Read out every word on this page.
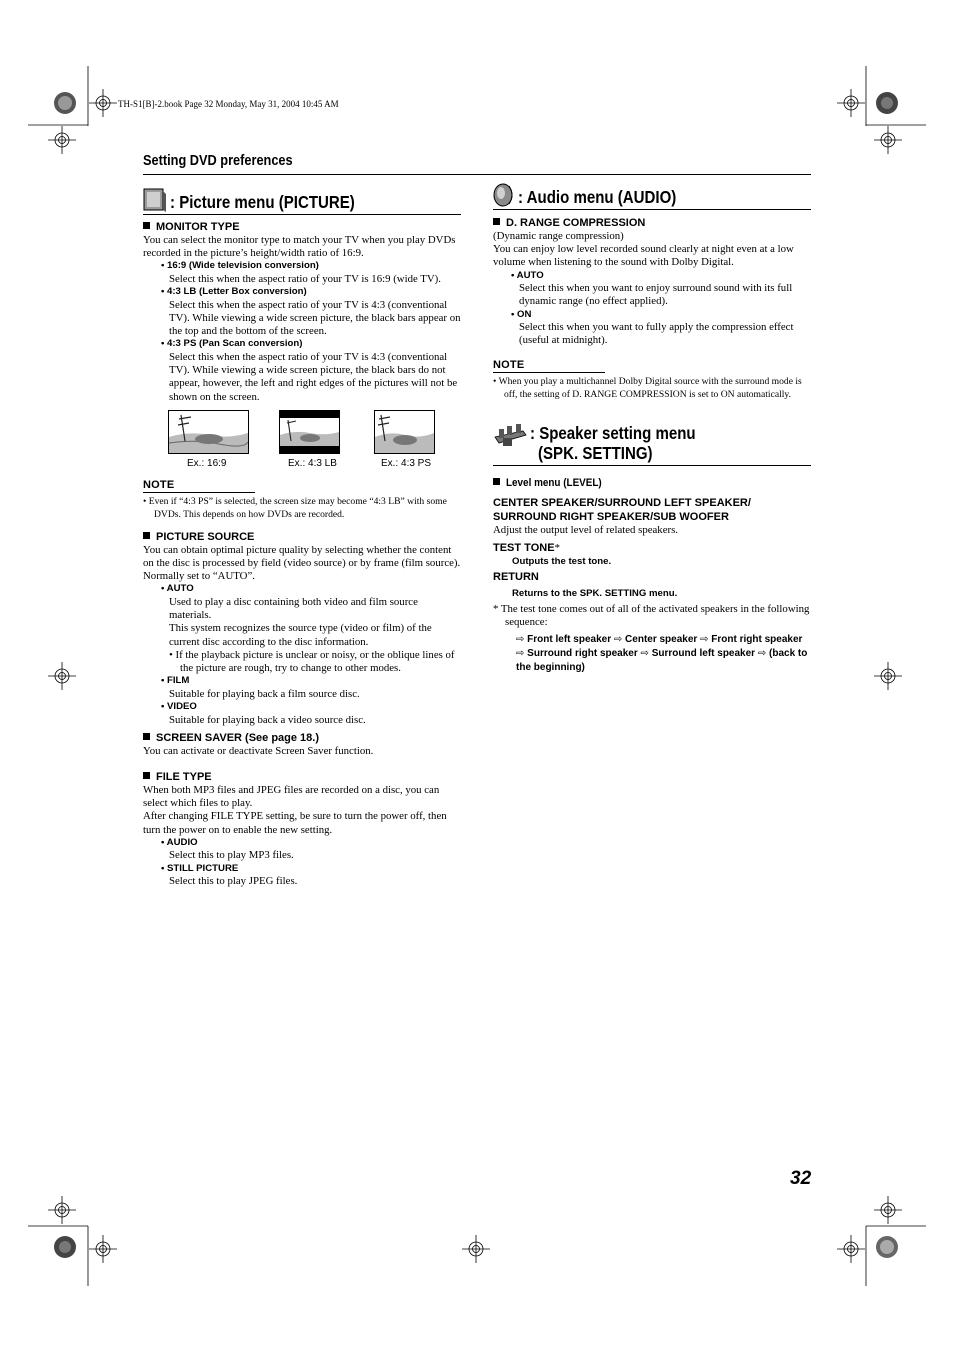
TH-S1[B]-2.book Page 32 Monday, May 31, 2004 10:45 AM
Setting DVD preferences
: Picture menu (PICTURE)
MONITOR TYPE

You can select the monitor type to match your TV when you play DVDs recorded in the picture’s height/width ratio of 16:9.

• 16:9 (Wide television conversion)
Select this when the aspect ratio of your TV is 16:9 (wide TV).
• 4:3 LB (Letter Box conversion)
Select this when the aspect ratio of your TV is 4:3 (conventional TV). While viewing a wide screen picture, the black bars appear on the top and the bottom of the screen.
• 4:3 PS (Pan Scan conversion)
Select this when the aspect ratio of your TV is 4:3 (conventional TV). While viewing a wide screen picture, the black bars do not appear, however, the left and right edges of the pictures will not be shown on the screen.
Ex.: 16:9	Ex.: 4:3 LB	Ex.: 4:3 PS
NOTE
• Even if “4:3 PS” is selected, the screen size may become “4:3 LB” with some DVDs. This depends on how DVDs are recorded.
PICTURE SOURCE

You can obtain optimal picture quality by selecting whether the content on the disc is processed by field (video source) or by frame (film source).

Normally set to “AUTO”.

• AUTO
Used to play a disc containing both video and film source materials.
This system recognizes the source type (video or film) of the current disc according to the disc information.
• If the playback picture is unclear or noisy, or the oblique lines of the picture are rough, try to change to other modes.
• FILM
Suitable for playing back a film source disc.
• VIDEO
Suitable for playing back a video source disc.
SCREEN SAVER (See page 18.)

You can activate or deactivate Screen Saver function.

FILE TYPE

When both MP3 files and JPEG files are recorded on a disc, you can select which files to play.

After changing FILE TYPE setting, be sure to turn the power off, then turn the power on to enable the new setting.

• AUDIO
Select this to play MP3 files.
• STILL PICTURE
Select this to play JPEG files.
: Audio menu (AUDIO)
D. RANGE COMPRESSION

(Dynamic range compression)

You can enjoy low level recorded sound clearly at night even at a low volume when listening to the sound with Dolby Digital.

• AUTO
Select this when you want to enjoy surround sound with its full dynamic range (no effect applied).
• ON
Select this when you want to fully apply the compression effect (useful at midnight).
NOTE
• When you play a multichannel Dolby Digital source with the surround mode is off, the setting of D. RANGE COMPRESSION is set to ON automatically.
: Speaker setting menu
(SPK. SETTING)
Level menu (LEVEL)
CENTER SPEAKER/SURROUND LEFT SPEAKER/ SURROUND RIGHT SPEAKER/SUB WOOFER

Adjust the output level of related speakers.

TEST TONE*
Outputs the test tone.
RETURN
Returns to the SPK. SETTING menu.
* The test tone comes out of all of the activated speakers in the following sequence:
⇨ Front left speaker ⇨ Center speaker ⇨ Front right speaker ⇨ Surround right speaker ⇨ Surround left speaker ⇨ (back to the beginning)
32
